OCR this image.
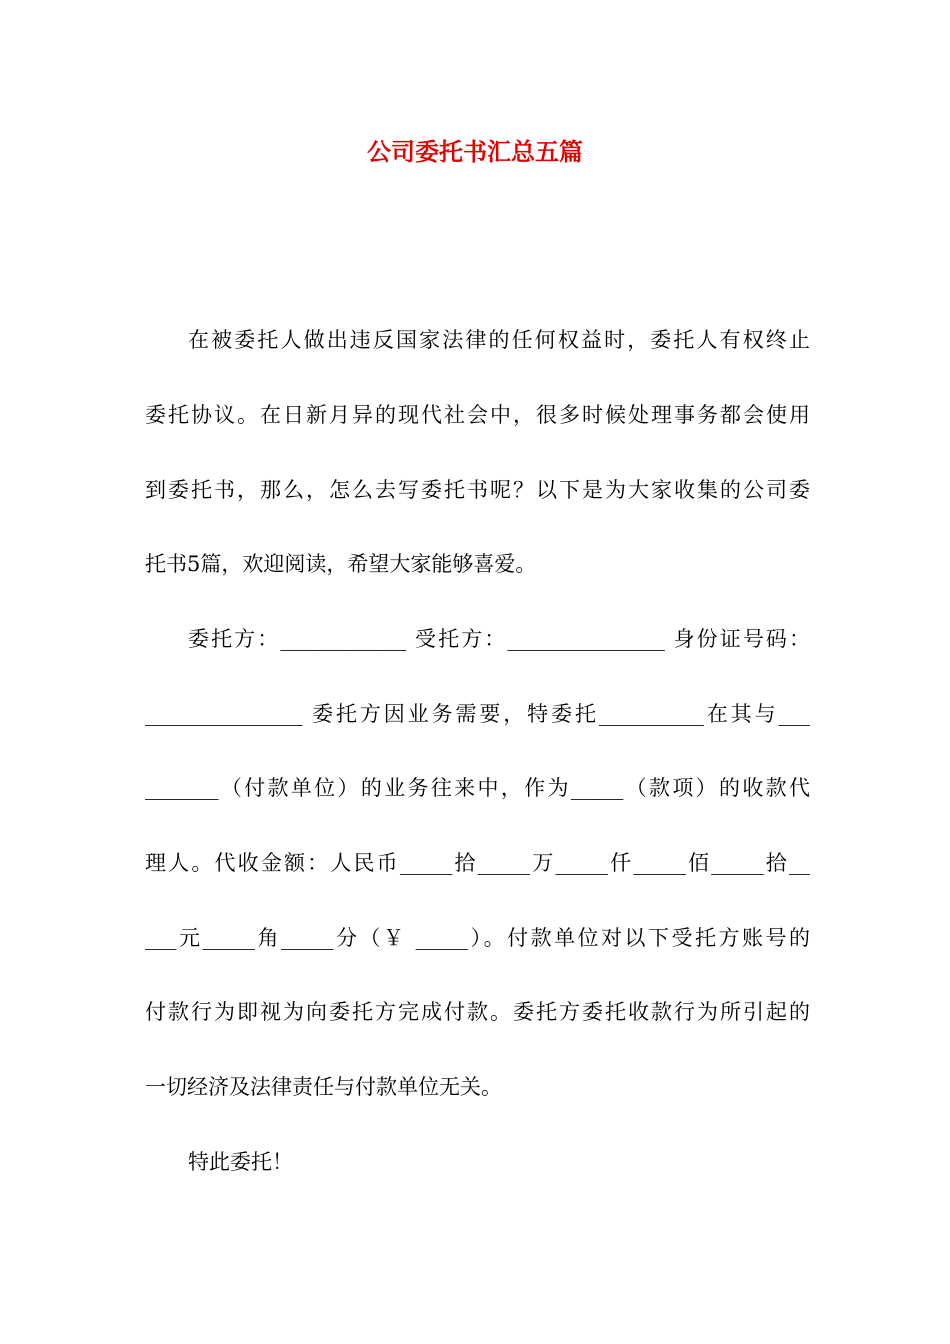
公司委托书汇总五篇
在被委托人做出违反国家法律的任何权益时，委托人有权终止
委托协议。在日新月异的现代社会中，很多时候处理事务都会使用
到委托书，那么，怎么去写委托书呢？以下是为大家收集的公司委
托书5篇，欢迎阅读，希望大家能够喜爱。
委托方：____________ 受托方：_______________ 身份证号码：
_______________ 委托方因业务需要，特委托__________在其与___
_______（付款单位）的业务往来中，作为_____（款项）的收款代
理人。代收金额：人民币_____拾_____万_____仟_____佰_____拾__
___元_____角_____分（￥ _____）。付款单位对以下受托方账号的
付款行为即视为向委托方完成付款。委托方委托收款行为所引起的
一切经济及法律责任与付款单位无关。
特此委托！
